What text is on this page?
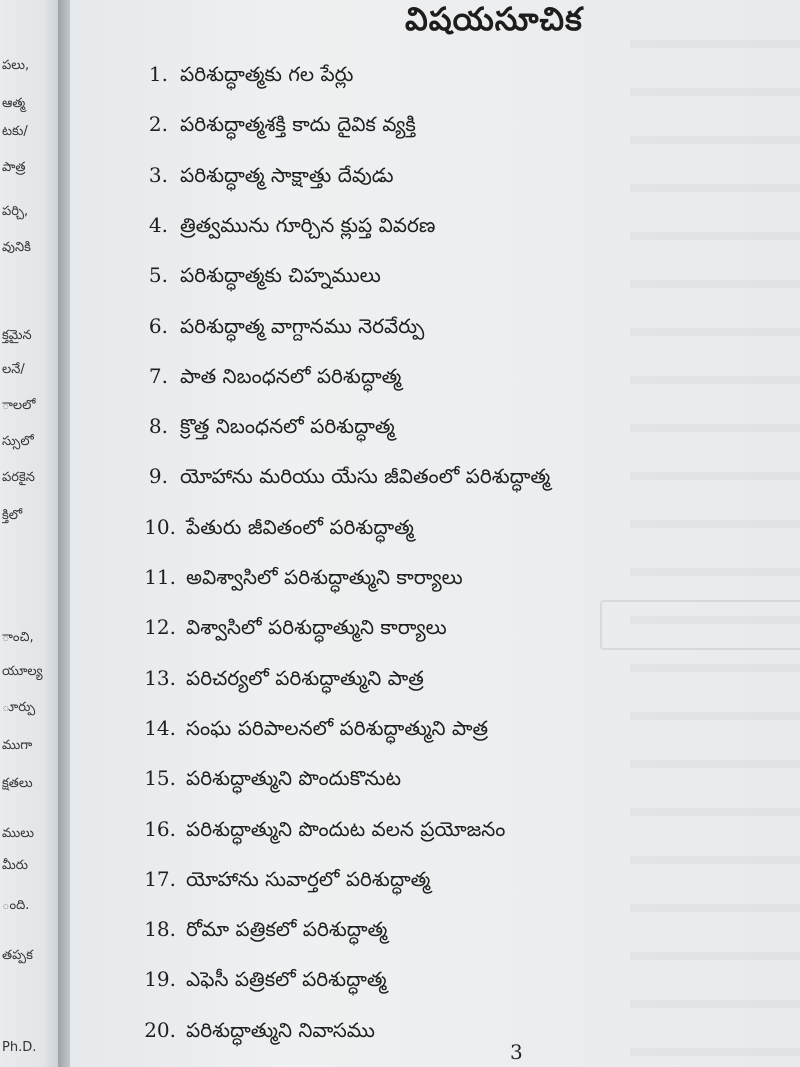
పలు,
ఆత్మ
టకు/
పాత్ర
పర్చి,
వునికి
క్తమైన
లనే/
ాలలో
స్సులో
పరకైన
క్తిలో
ాంచి,
యూల్య
ూర్పు
ముగా
క్షతలు
ములు
మీరు
ంది.
తప్పక
Ph.D.
విషయసూచిక
1. పరిశుద్ధాత్మకు గల పేర్లు
2. పరిశుద్ధాత్మశక్తి కాదు దైవిక వ్యక్తి
3. పరిశుద్ధాత్మ సాక్షాత్తు దేవుడు
4. త్రిత్వమును గూర్చిన క్లుప్త వివరణ
5. పరిశుద్ధాత్మకు చిహ్నములు
6. పరిశుద్ధాత్మ వాగ్దానము నెరవేర్పు
7. పాత నిబంధనలో పరిశుద్ధాత్మ
8. క్రొత్త నిబంధనలో పరిశుద్ధాత్మ
9. యోహాను మరియు యేసు జీవితంలో పరిశుద్ధాత్మ
10. పేతురు జీవితంలో పరిశుద్ధాత్మ
11. అవిశ్వాసిలో పరిశుద్ధాత్ముని కార్యాలు
12. విశ్వాసిలో పరిశుద్ధాత్ముని కార్యాలు
13. పరిచర్యలో పరిశుద్ధాత్ముని పాత్ర
14. సంఘ పరిపాలనలో పరిశుద్ధాత్ముని పాత్ర
15. పరిశుద్ధాత్ముని పొందుకొనుట
16. పరిశుద్ధాత్ముని పొందుట వలన ప్రయోజనం
17. యోహాను సువార్తలో పరిశుద్ధాత్మ
18. రోమా పత్రికలో పరిశుద్ధాత్మ
19. ఎఫెసీ పత్రికలో పరిశుద్ధాత్మ
20. పరిశుద్ధాత్ముని నివాసము
3
